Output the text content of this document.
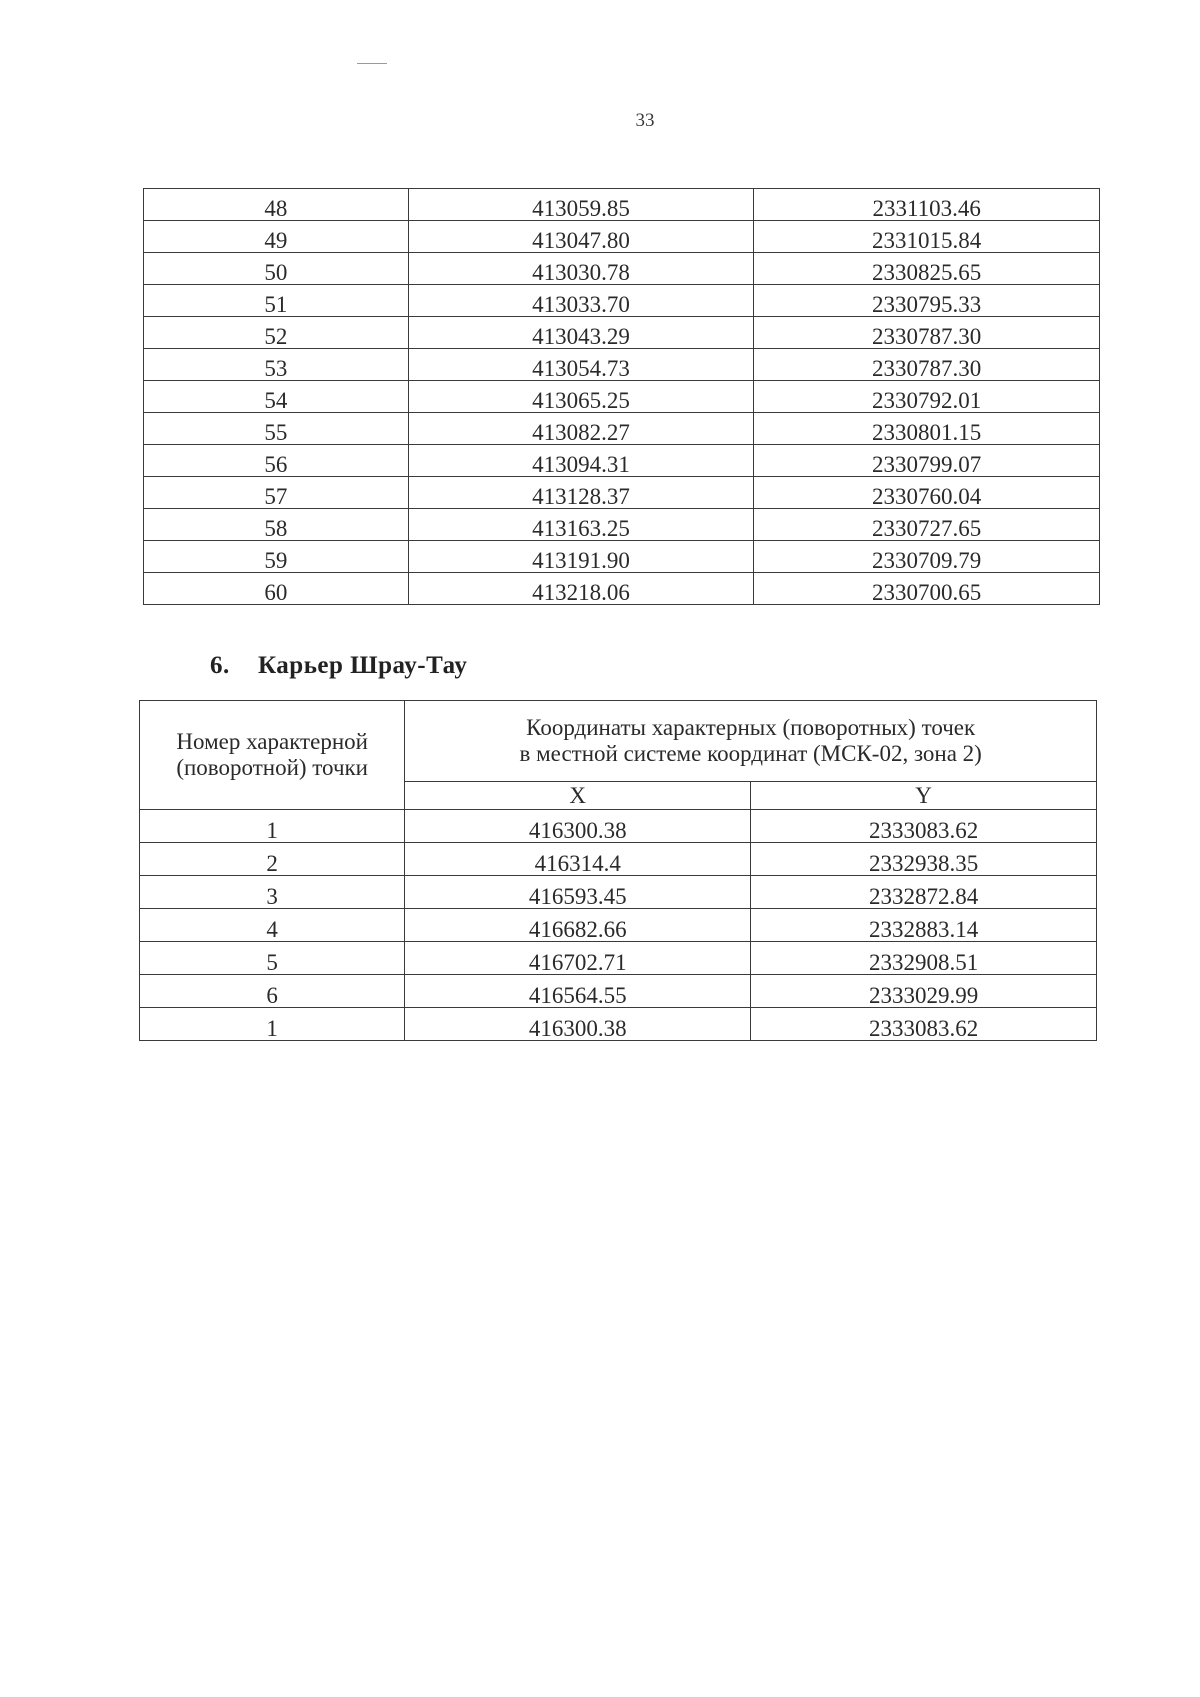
33
48	413059.85	2331103.46
49	413047.80	2331015.84
50	413030.78	2330825.65
51	413033.70	2330795.33
52	413043.29	2330787.30
53	413054.73	2330787.30
54	413065.25	2330792.01
55	413082.27	2330801.15
56	413094.31	2330799.07
57	413128.37	2330760.04
58	413163.25	2330727.65
59	413191.90	2330709.79
60	413218.06	2330700.65
6. Карьер Шрау-Тау
Номер характерной
(поворотной) точки	Координаты характерных (поворотных) точек
в местной системе координат (МСК-02, зона 2)	
	X	Y
1	416300.38	2333083.62
2	416314.4	2332938.35
3	416593.45	2332872.84
4	416682.66	2332883.14
5	416702.71	2332908.51
6	416564.55	2333029.99
1	416300.38	2333083.62
